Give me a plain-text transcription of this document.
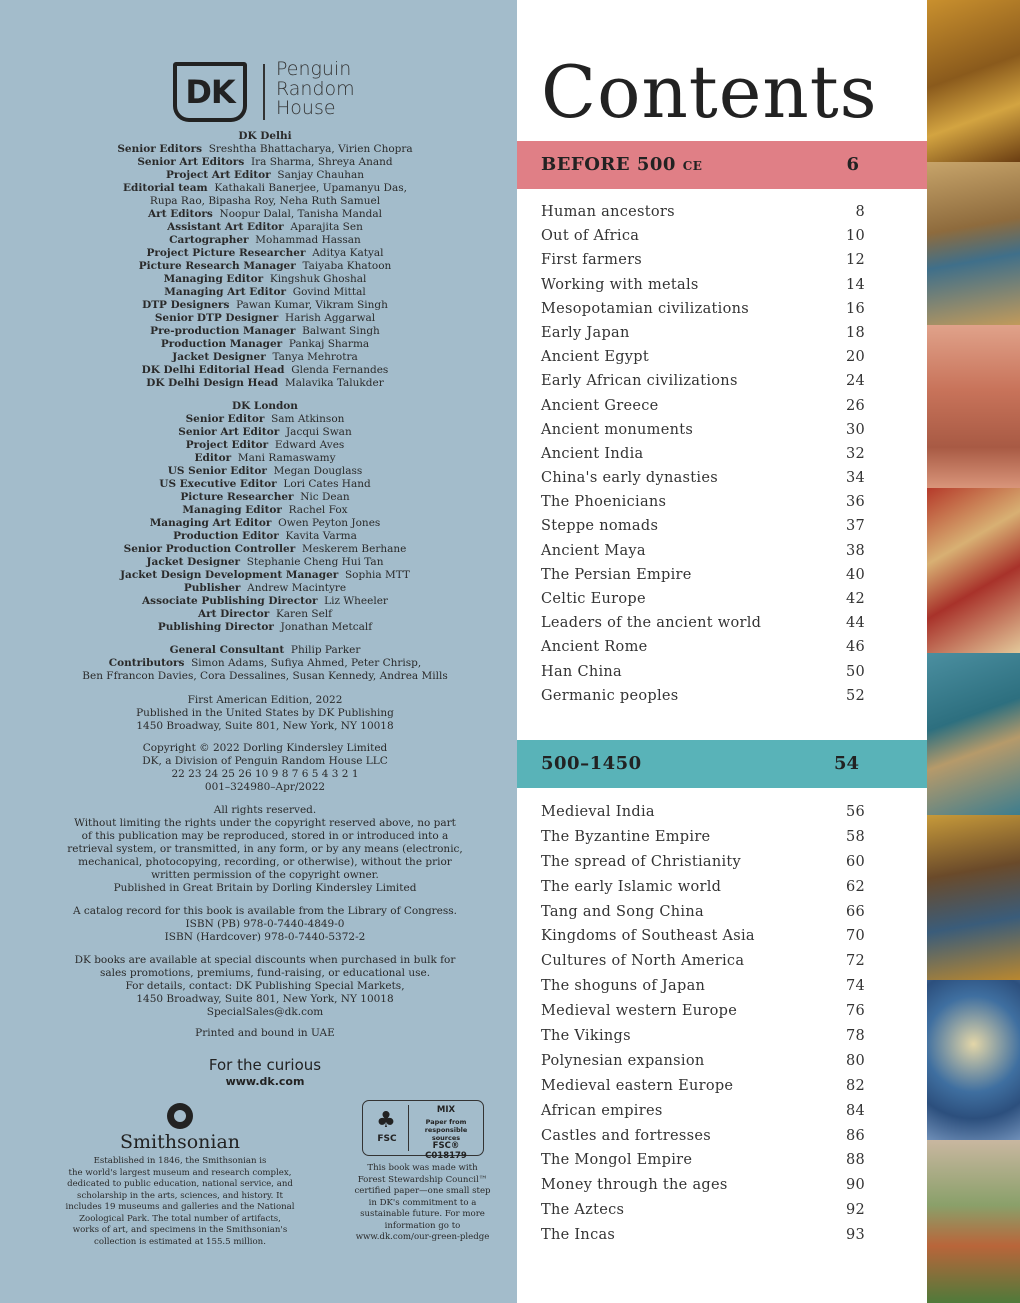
DK
Penguin
Random
House
DK Delhi
Senior Editors Sreshtha Bhattacharya, Virien Chopra
Senior Art Editors Ira Sharma, Shreya Anand
Project Art Editor Sanjay Chauhan
Editorial team Kathakali Banerjee, Upamanyu Das,
Rupa Rao, Bipasha Roy, Neha Ruth Samuel
Art Editors Noopur Dalal, Tanisha Mandal
Assistant Art Editor Aparajita Sen
Cartographer Mohammad Hassan
Project Picture Researcher Aditya Katyal
Picture Research Manager Taiyaba Khatoon
Managing Editor Kingshuk Ghoshal
Managing Art Editor Govind Mittal
DTP Designers Pawan Kumar, Vikram Singh
Senior DTP Designer Harish Aggarwal
Pre-production Manager Balwant Singh
Production Manager Pankaj Sharma
Jacket Designer Tanya Mehrotra
DK Delhi Editorial Head Glenda Fernandes
DK Delhi Design Head Malavika Talukder
DK London
Senior Editor Sam Atkinson
Senior Art Editor Jacqui Swan
Project Editor Edward Aves
Editor Mani Ramaswamy
US Senior Editor Megan Douglass
US Executive Editor Lori Cates Hand
Picture Researcher Nic Dean
Managing Editor Rachel Fox
Managing Art Editor Owen Peyton Jones
Production Editor Kavita Varma
Senior Production Controller Meskerem Berhane
Jacket Designer Stephanie Cheng Hui Tan
Jacket Design Development Manager Sophia MTT
Publisher Andrew Macintyre
Associate Publishing Director Liz Wheeler
Art Director Karen Self
Publishing Director Jonathan Metcalf
General Consultant Philip Parker
Contributors Simon Adams, Sufiya Ahmed, Peter Chrisp,
Ben Ffrancon Davies, Cora Dessalines, Susan Kennedy, Andrea Mills
First American Edition, 2022
Published in the United States by DK Publishing
1450 Broadway, Suite 801, New York, NY 10018
Copyright © 2022 Dorling Kindersley Limited
DK, a Division of Penguin Random House LLC
22 23 24 25 26 10 9 8 7 6 5 4 3 2 1
001–324980–Apr/2022
All rights reserved.
Without limiting the rights under the copyright reserved above, no part
of this publication may be reproduced, stored in or introduced into a
retrieval system, or transmitted, in any form, or by any means (electronic,
mechanical, photocopying, recording, or otherwise), without the prior
written permission of the copyright owner.
Published in Great Britain by Dorling Kindersley Limited
A catalog record for this book is available from the Library of Congress.
ISBN (PB) 978-0-7440-4849-0
ISBN (Hardcover) 978-0-7440-5372-2
DK books are available at special discounts when purchased in bulk for
sales promotions, premiums, fund-raising, or educational use.
For details, contact: DK Publishing Special Markets,
1450 Broadway, Suite 801, New York, NY 10018
SpecialSales@dk.com
Printed and bound in UAE
For the curious
www.dk.com
Smithsonian
Established in 1846, the Smithsonian is
the world's largest museum and research complex,
dedicated to public education, national service, and
scholarship in the arts, sciences, and history. It
includes 19 museums and galleries and the National
Zoological Park. The total number of artifacts,
works of art, and specimens in the Smithsonian's
collection is estimated at 155.5 million.
♣
FSC
MIX
Paper from
responsible sources
FSC® C018179
This book was made with
Forest Stewardship Council™
certified paper—one small step
in DK's commitment to a
sustainable future. For more
information go to
www.dk.com/our-green-pledge
Contents
BEFORE 500 CE	6
Human ancestors	8
Out of Africa	10
First farmers	12
Working with metals	14
Mesopotamian civilizations	16
Early Japan	18
Ancient Egypt	20
Early African civilizations	24
Ancient Greece	26
Ancient monuments	30
Ancient India	32
China's early dynasties	34
The Phoenicians	36
Steppe nomads	37
Ancient Maya	38
The Persian Empire	40
Celtic Europe	42
Leaders of the ancient world	44
Ancient Rome	46
Han China	50
Germanic peoples	52
500–1450	54
Medieval India	56
The Byzantine Empire	58
The spread of Christianity	60
The early Islamic world	62
Tang and Song China	66
Kingdoms of Southeast Asia	70
Cultures of North America	72
The shoguns of Japan	74
Medieval western Europe	76
The Vikings	78
Polynesian expansion	80
Medieval eastern Europe	82
African empires	84
Castles and fortresses	86
The Mongol Empire	88
Money through the ages	90
The Aztecs	92
The Incas	93
